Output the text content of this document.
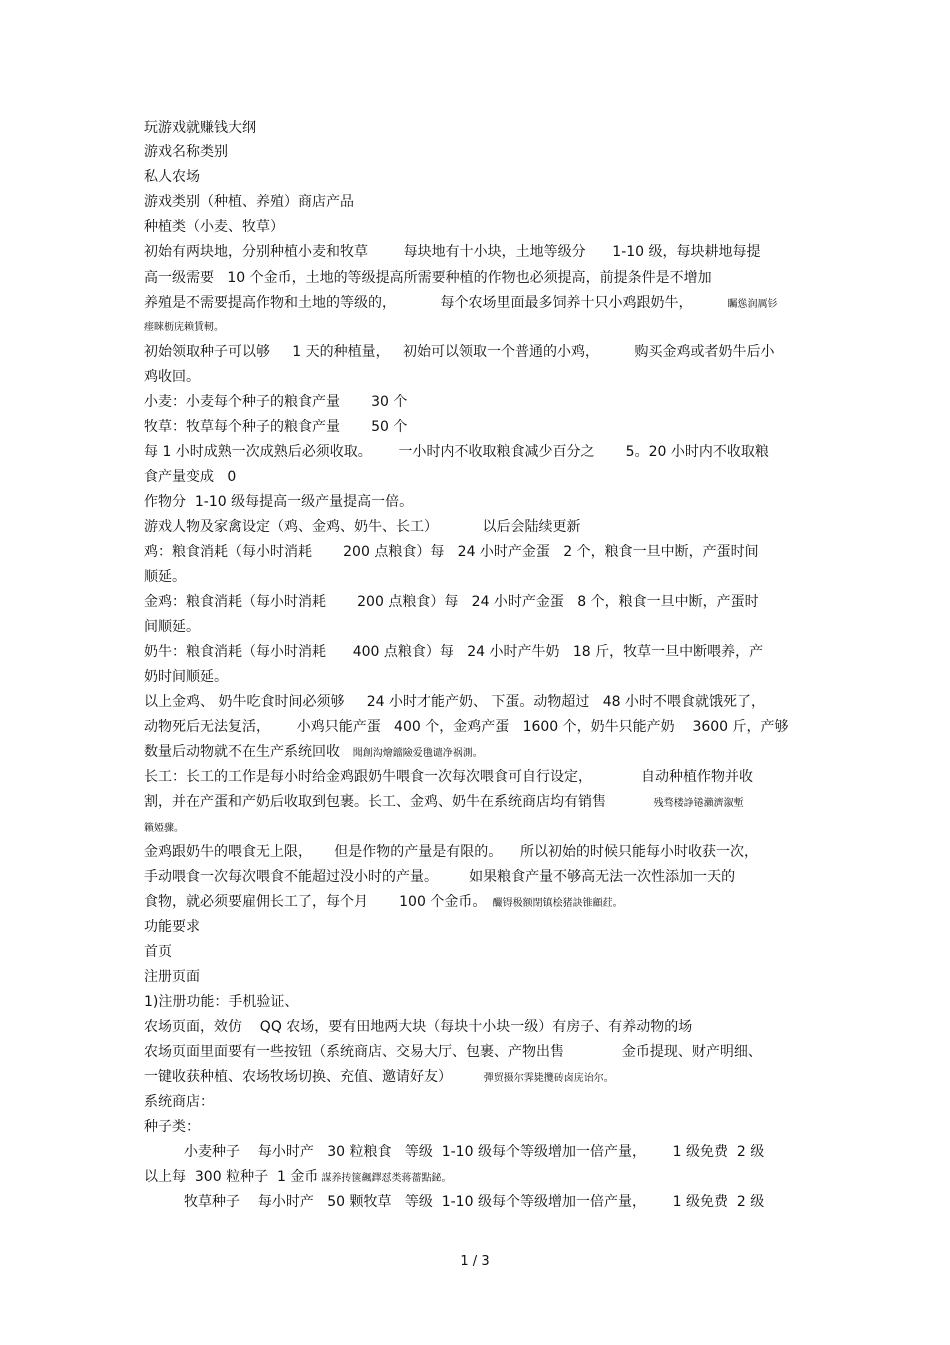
玩游戏就赚钱大纲
游戏名称类别
私人农场
游戏类别（种植、养殖）商店产品
种植类（小麦、牧草）
初始有两块地，分别种植小麦和牧草        每块地有十小块，土地等级分      1-10 级，每块耕地每提
高一级需要   10 个金币，土地的等级提高所需要种植的作物也必须提高，前提条件是不增加
养殖是不需要提高作物和土地的等级的，          每个农场里面最多饲养十只小鸡跟奶牛，           矚慫润厲钐
瘗睞枥庑赖賃軔。
初始领取种子可以够     1 天的种植量，   初始可以领取一个普通的小鸡，        购买金鸡或者奶牛后小
鸡收回。
小麦：小麦每个种子的粮食产量       30 个
牧草：牧草每个种子的粮食产量       50 个
每 1 小时成熟一次成熟后必须收取。      一小时内不收取粮食减少百分之       5。20 小时内不收取粮
食产量变成   0
作物分  1-10 级每提高一级产量提高一倍。
游戏人物及家禽设定（鸡、金鸡、奶牛、长工）          以后会陆续更新
鸡：粮食消耗（每小时消耗       200 点粮食）每   24 小时产金蛋   2 个，粮食一旦中断，产蛋时间
顺延。
金鸡：粮食消耗（每小时消耗       200 点粮食）每   24 小时产金蛋   8 个，粮食一旦中断，产蛋时
间顺延。
奶牛：粮食消耗（每小时消耗      400 点粮食）每   24 小时产牛奶   18 斤，牧草一旦中断喂养，产
奶时间顺延。
以上金鸡、 奶牛吃食时间必须够     24 小时才能产奶、 下蛋。动物超过   48 小时不喂食就饿死了，
动物死后无法复活，      小鸡只能产蛋   400 个，金鸡产蛋   1600 个，奶牛只能产奶    3600 斤，产够
数量后动物就不在生产系统回收    聞創沟燴鐺險爱氇谴净祸測。
长工：长工的工作是每小时给金鸡跟奶牛喂食一次每次喂食可自行设定，           自动种植作物并收
割，并在产蛋和产奶后收取到包裹。长工、金鸡、奶牛在系统商店均有销售               残骛楼諍锩瀨濟溆塹
籟婭骤。
金鸡跟奶牛的喂食无上限，     但是作物的产量是有限的。    所以初始的时候只能每小时收获一次，
手动喂食一次每次喂食不能超过没小时的产量。       如果粮食产量不够高无法一次性添加一天的
食物，就必须要雇佣长工了，每个月       100 个金币。  釅锝极额閉镇桧猪訣锥顧荭。
功能要求
首页
注册页面
1)注册功能：手机验证、
农场页面，效仿    QQ 农场，要有田地两大块（每块十小块一级）有房子、有养动物的场
农场页面里面要有一些按钮（系统商店、交易大厅、包裹、产物出售             金币提现、财产明细、
一键收获种植、农场牧场切换、充值、邀请好友）          彈贸摄尔霁毙攬砖卤庑诒尔。
系统商店：
种子类：
小麦种子    每小时产   30 粒粮食   等级  1-10 级每个等级增加一倍产量，      1 级免费  2 级
以上每  300 粒种子  1 金币 謀养抟箧飆鐸怼类蒋薔點鉍。
牧草种子    每小时产   50 颗牧草   等级  1-10 级每个等级增加一倍产量，      1 级免费  2 级
1 / 3
